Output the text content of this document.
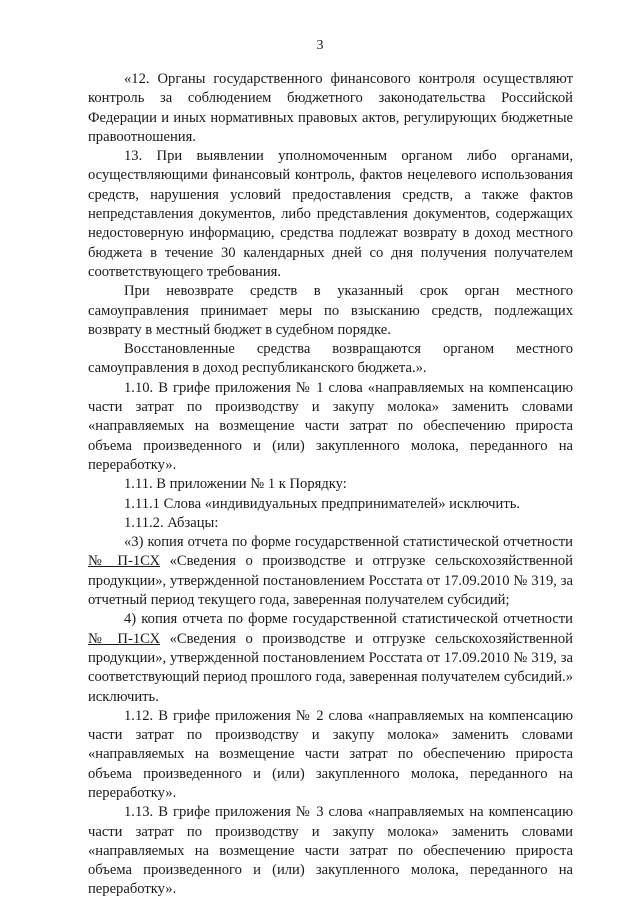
3

«12. Органы государственного финансового контроля осуществляют контроль за соблюдением бюджетного законодательства Российской Федерации и иных нормативных правовых актов, регулирующих бюджетные правоотношения.

13. При выявлении уполномоченным органом либо органами, осуществляющими финансовый контроль, фактов нецелевого использования средств, нарушения условий предоставления средств, а также фактов непредставления документов, либо представления документов, содержащих недостоверную информацию, средства подлежат возврату в доход местного бюджета в течение 30 календарных дней со дня получения получателем соответствующего требования.

При невозврате средств в указанный срок орган местного самоуправления принимает меры по взысканию средств, подлежащих возврату в местный бюджет в судебном порядке.

Восстановленные средства возвращаются органом местного самоуправления в доход республиканского бюджета.».

1.10. В грифе приложения № 1 слова «направляемых на компенсацию части затрат по производству и закупу молока» заменить словами «направляемых на возмещение части затрат по обеспечению прироста объема произведенного и (или) закупленного молока, переданного на переработку».

1.11. В приложении № 1 к Порядку:

1.11.1 Слова «индивидуальных предпринимателей» исключить.

1.11.2. Абзацы:

«3) копия отчета по форме государственной статистической отчетности № П-1СХ «Сведения о производстве и отгрузке сельскохозяйственной продукции», утвержденной постановлением Росстата от 17.09.2010 № 319, за отчетный период текущего года, заверенная получателем субсидий;

4) копия отчета по форме государственной статистической отчетности № П-1СХ «Сведения о производстве и отгрузке сельскохозяйственной продукции», утвержденной постановлением Росстата от 17.09.2010 № 319, за соответствующий период прошлого года, заверенная получателем субсидий.» исключить.

1.12. В грифе приложения № 2 слова «направляемых на компенсацию части затрат по производству и закупу молока» заменить словами «направляемых на возмещение части затрат по обеспечению прироста объема произведенного и (или) закупленного молока, переданного на переработку».

1.13. В грифе приложения № 3 слова «направляемых на компенсацию части затрат по производству и закупу молока» заменить словами «направляемых на возмещение части затрат по обеспечению прироста объема произведенного и (или) закупленного молока, переданного на переработку».
